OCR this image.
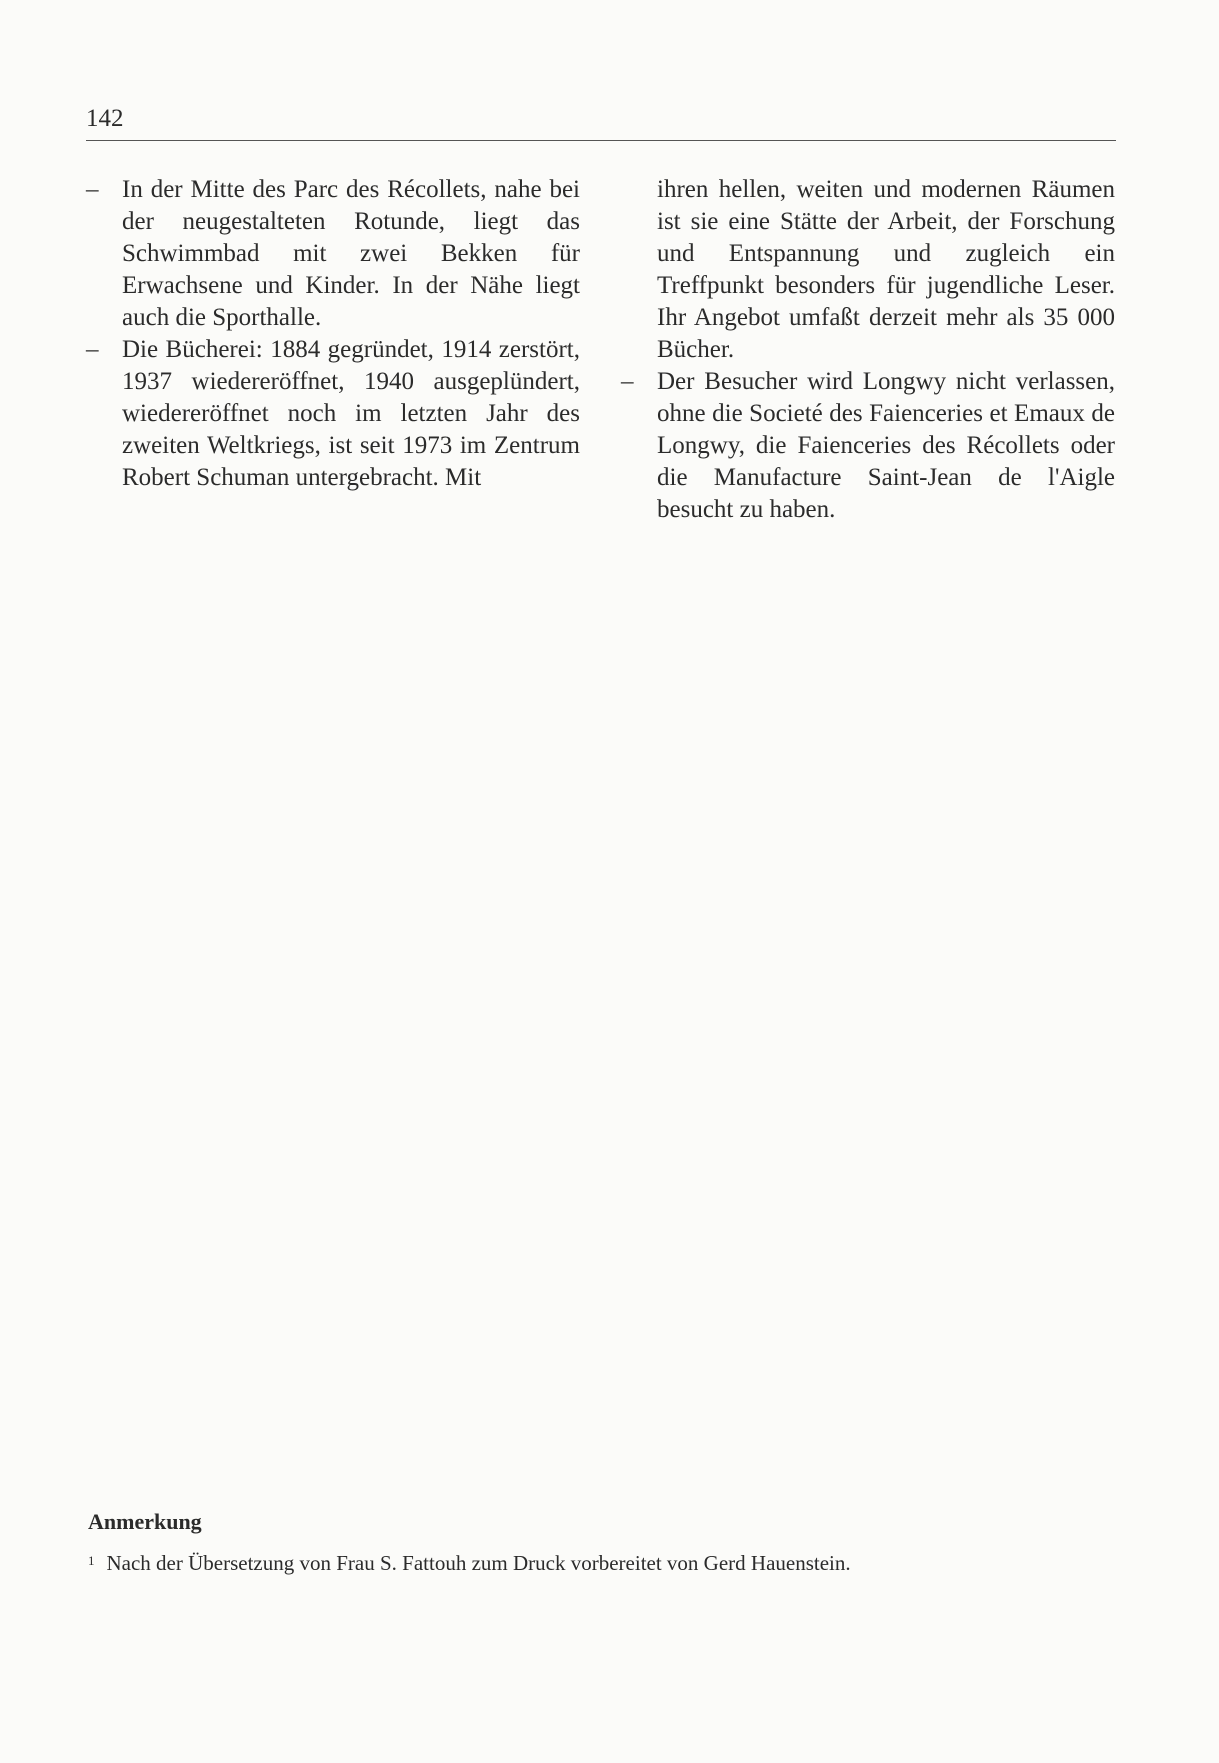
142

– In der Mitte des Parc des Récollets, nahe bei der neugestalteten Rotunde, liegt das Schwimmbad mit zwei Bekken für Erwachsene und Kinder. In der Nähe liegt auch die Sporthalle.

– Die Bücherei: 1884 gegründet, 1914 zerstört, 1937 wiedereröffnet, 1940 ausgeplündert, wiedereröffnet noch im letzten Jahr des zweiten Weltkriegs, ist seit 1973 im Zentrum Robert Schuman untergebracht. Mit

ihren hellen, weiten und modernen Räumen ist sie eine Stätte der Arbeit, der Forschung und Entspannung und zugleich ein Treffpunkt besonders für jugendliche Leser. Ihr Angebot umfaßt derzeit mehr als 35 000 Bücher.

– Der Besucher wird Longwy nicht verlassen, ohne die Societé des Faienceries et Emaux de Longwy, die Faienceries des Récollets oder die Manufacture Saint-Jean de l'Aigle besucht zu haben.

Anmerkung
$^1$ Nach der Übersetzung von Frau S. Fattouh zum Druck vorbereitet von Gerd Hauenstein.
